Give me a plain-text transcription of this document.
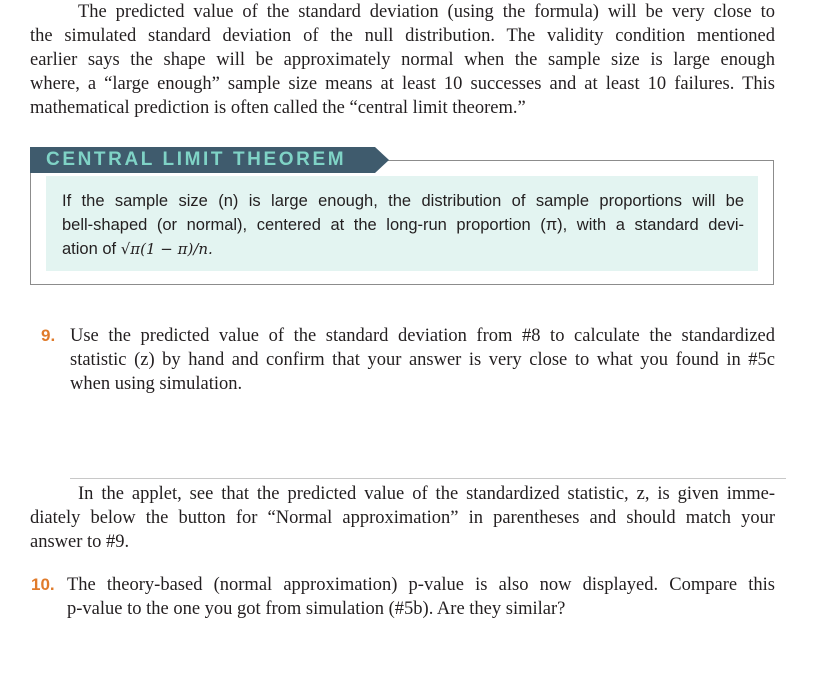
The predicted value of the standard deviation (using the formula) will be very close to
the simulated standard deviation of the null distribution. The validity condition mentioned
earlier says the shape will be approximately normal when the sample size is large enough
where, a “large enough” sample size means at least 10 successes and at least 10 failures. This
mathematical prediction is often called the “central limit theorem.”
If the sample size (n) is large enough, the distribution of sample proportions will be
bell-shaped (or normal), centered at the long-run proportion (π), with a standard devi-
ation of √π(1 − π)/n.
CENTRAL LIMIT THEOREM
9. Use the predicted value of the standard deviation from #8 to calculate the standardized
statistic (z) by hand and confirm that your answer is very close to what you found in #5c
when using simulation.
In the applet, see that the predicted value of the standardized statistic, z, is given imme-
diately below the button for “Normal approximation” in parentheses and should match your
answer to #9.
10. The theory-based (normal approximation) p-value is also now displayed. Compare this
p-value to the one you got from simulation (#5b). Are they similar?
